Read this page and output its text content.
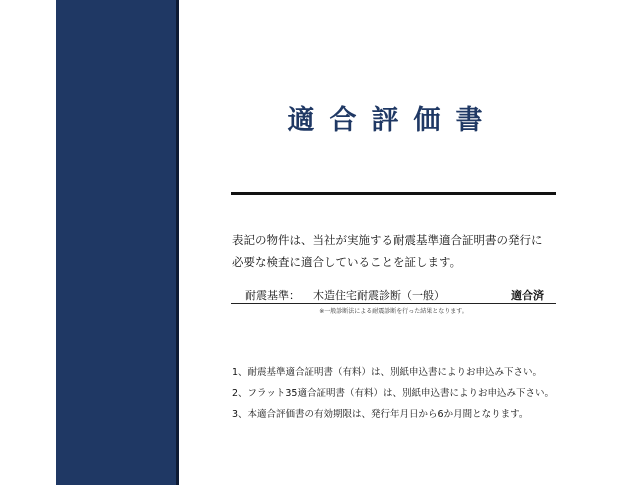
適合評価書
表記の物件は、当社が実施する耐震基準適合証明書の発行に
必要な検査に適合していることを証します。
耐震基準： 木造住宅耐震診断（一般）	適合済
※一般診断法による耐震診断を行った結果となります。
1、耐震基準適合証明書（有料）は、別紙申込書によりお申込み下さい。
2、フラット35適合証明書（有料）は、別紙申込書によりお申込み下さい。
3、本適合評価書の有効期限は、発行年月日から6か月間となります。
